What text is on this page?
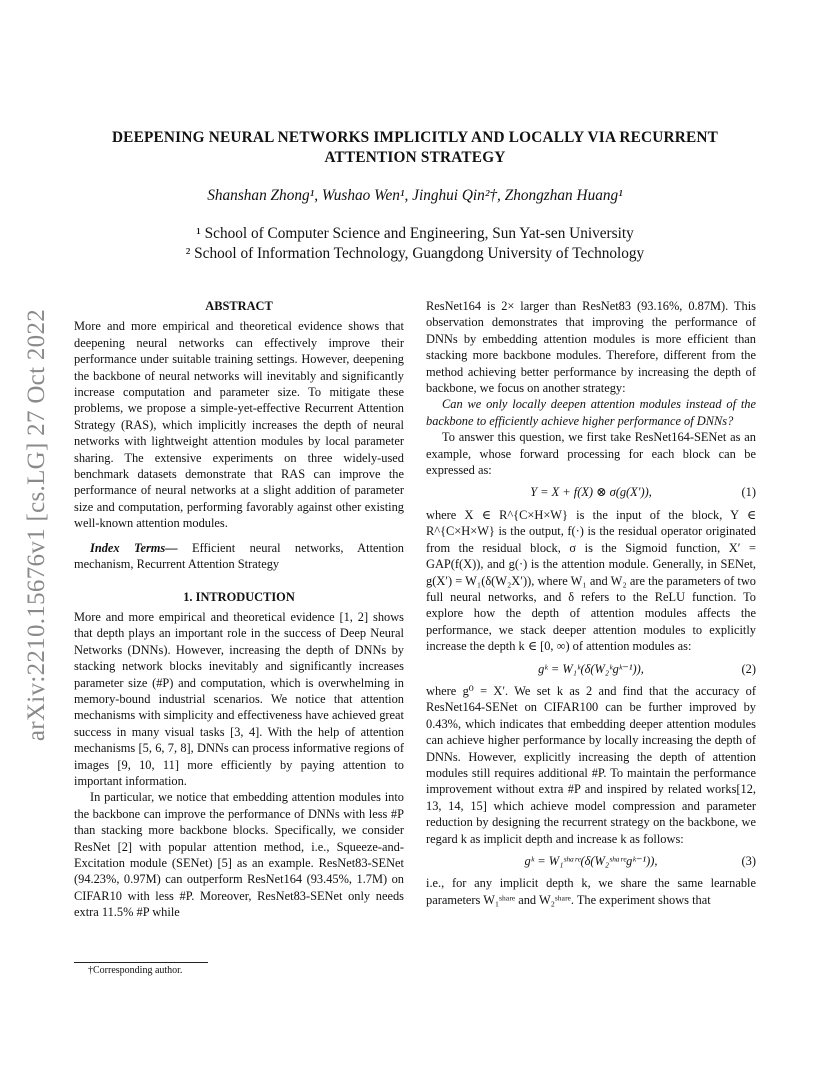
arXiv:2210.15676v1 [cs.LG] 27 Oct 2022
DEEPENING NEURAL NETWORKS IMPLICITLY AND LOCALLY VIA RECURRENT ATTENTION STRATEGY
Shanshan Zhong¹, Wushao Wen¹, Jinghui Qin²†, Zhongzhan Huang¹
¹ School of Computer Science and Engineering, Sun Yat-sen University
² School of Information Technology, Guangdong University of Technology
ABSTRACT

More and more empirical and theoretical evidence shows that deepening neural networks can effectively improve their performance under suitable training settings. However, deepening the backbone of neural networks will inevitably and significantly increase computation and parameter size. To mitigate these problems, we propose a simple-yet-effective Recurrent Attention Strategy (RAS), which implicitly increases the depth of neural networks with lightweight attention modules by local parameter sharing. The extensive experiments on three widely-used benchmark datasets demonstrate that RAS can improve the performance of neural networks at a slight addition of parameter size and computation, performing favorably against other existing well-known attention modules.

Index Terms— Efficient neural networks, Attention mechanism, Recurrent Attention Strategy

1. INTRODUCTION

More and more empirical and theoretical evidence [1, 2] shows that depth plays an important role in the success of Deep Neural Networks (DNNs). However, increasing the depth of DNNs by stacking network blocks inevitably and significantly increases parameter size (#P) and computation, which is overwhelming in memory-bound industrial scenarios. We notice that attention mechanisms with simplicity and effectiveness have achieved great success in many visual tasks [3, 4]. With the help of attention mechanisms [5, 6, 7, 8], DNNs can process informative regions of images [9, 10, 11] more efficiently by paying attention to important information.

In particular, we notice that embedding attention modules into the backbone can improve the performance of DNNs with less #P than stacking more backbone blocks. Specifically, we consider ResNet [2] with popular attention method, i.e., Squeeze-and-Excitation module (SENet) [5] as an example. ResNet83-SENet (94.23%, 0.97M) can outperform ResNet164 (93.45%, 1.7M) on CIFAR10 with less #P. Moreover, ResNet83-SENet only needs extra 11.5% #P while

ResNet164 is 2× larger than ResNet83 (93.16%, 0.87M). This observation demonstrates that improving the performance of DNNs by embedding attention modules is more efficient than stacking more backbone modules. Therefore, different from the method achieving better performance by increasing the depth of backbone, we focus on another strategy:

Can we only locally deepen attention modules instead of the backbone to efficiently achieve higher performance of DNNs?

To answer this question, we first take ResNet164-SENet as an example, whose forward processing for each block can be expressed as:

Y = X + f(X) ⊗ σ(g(X′)),	(1)

where X ∈ R^{C×H×W} is the input of the block, Y ∈ R^{C×H×W} is the output, f(·) is the residual operator originated from the residual block, σ is the Sigmoid function, X′ = GAP(f(X)), and g(·) is the attention module. Generally, in SENet, g(X′) = W₁(δ(W₂X′)), where W₁ and W₂ are the parameters of two full neural networks, and δ refers to the ReLU function. To explore how the depth of attention modules affects the performance, we stack deeper attention modules to explicitly increase the depth k ∈ [0, ∞) of attention modules as:

gᵏ = W₁ᵏ(δ(W₂ᵏgᵏ⁻¹)),	(2)

where g⁰ = X′. We set k as 2 and find that the accuracy of ResNet164-SENet on CIFAR100 can be further improved by 0.43%, which indicates that embedding deeper attention modules can achieve higher performance by locally increasing the depth of DNNs. However, explicitly increasing the depth of attention modules still requires additional #P. To maintain the performance improvement without extra #P and inspired by related works[12, 13, 14, 15] which achieve model compression and parameter reduction by designing the recurrent strategy on the backbone, we regard k as implicit depth and increase k as follows:

gᵏ = W₁ˢʰᵃʳᵉ(δ(W₂ˢʰᵃʳᵉgᵏ⁻¹)),	(3)

i.e., for any implicit depth k, we share the same learnable parameters W₁ˢʰᵃʳᵉ and W₂ˢʰᵃʳᵉ. The experiment shows that

†Corresponding author.
